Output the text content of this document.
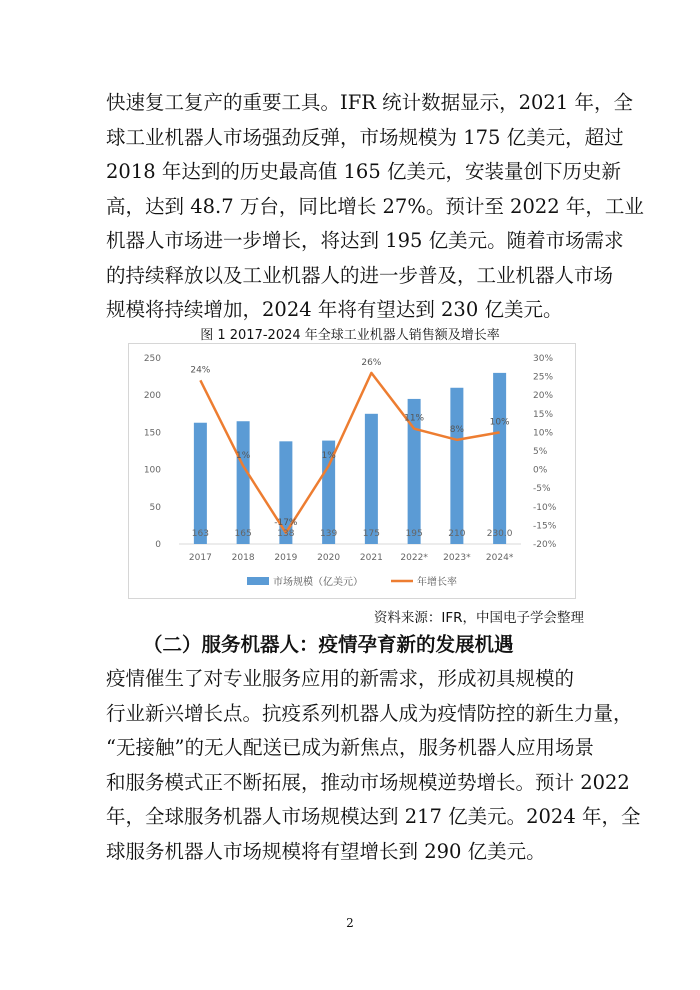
快速复工复产的重要工具。IFR 统计数据显示，2021 年，全
球工业机器人市场强劲反弹，市场规模为 175 亿美元，超过
2018 年达到的历史最高值 165 亿美元，安装量创下历史新
高，达到 48.7 万台，同比增长 27%。预计至 2022 年，工业
机器人市场进一步增长，将达到 195 亿美元。随着市场需求
的持续释放以及工业机器人的进一步普及，工业机器人市场
规模将持续增加，2024 年将有望达到 230 亿美元。
图 1 2017-2024 年全球工业机器人销售额及增长率
0
50
100
150
200
250
-20%
-15%
-10%
-5%
0%
5%
10%
15%
20%
25%
30%
163	165	138	139	175	195	210 230.0
24%
1%
-17%
1%
26%
11%
8%
10%
2017 2018 2019 2020 2021 2022* 2023* 2024*
市场规模（亿美元）	年增长率
资料来源：IFR，中国电子学会整理
（二）服务机器人：疫情孕育新的发展机遇
疫情催生了对专业服务应用的新需求，形成初具规模的
行业新兴增长点。抗疫系列机器人成为疫情防控的新生力量，
“无接触”的无人配送已成为新焦点，服务机器人应用场景
和服务模式正不断拓展，推动市场规模逆势增长。预计 2022
年，全球服务机器人市场规模达到 217 亿美元。2024 年，全
球服务机器人市场规模将有望增长到 290 亿美元。
2
